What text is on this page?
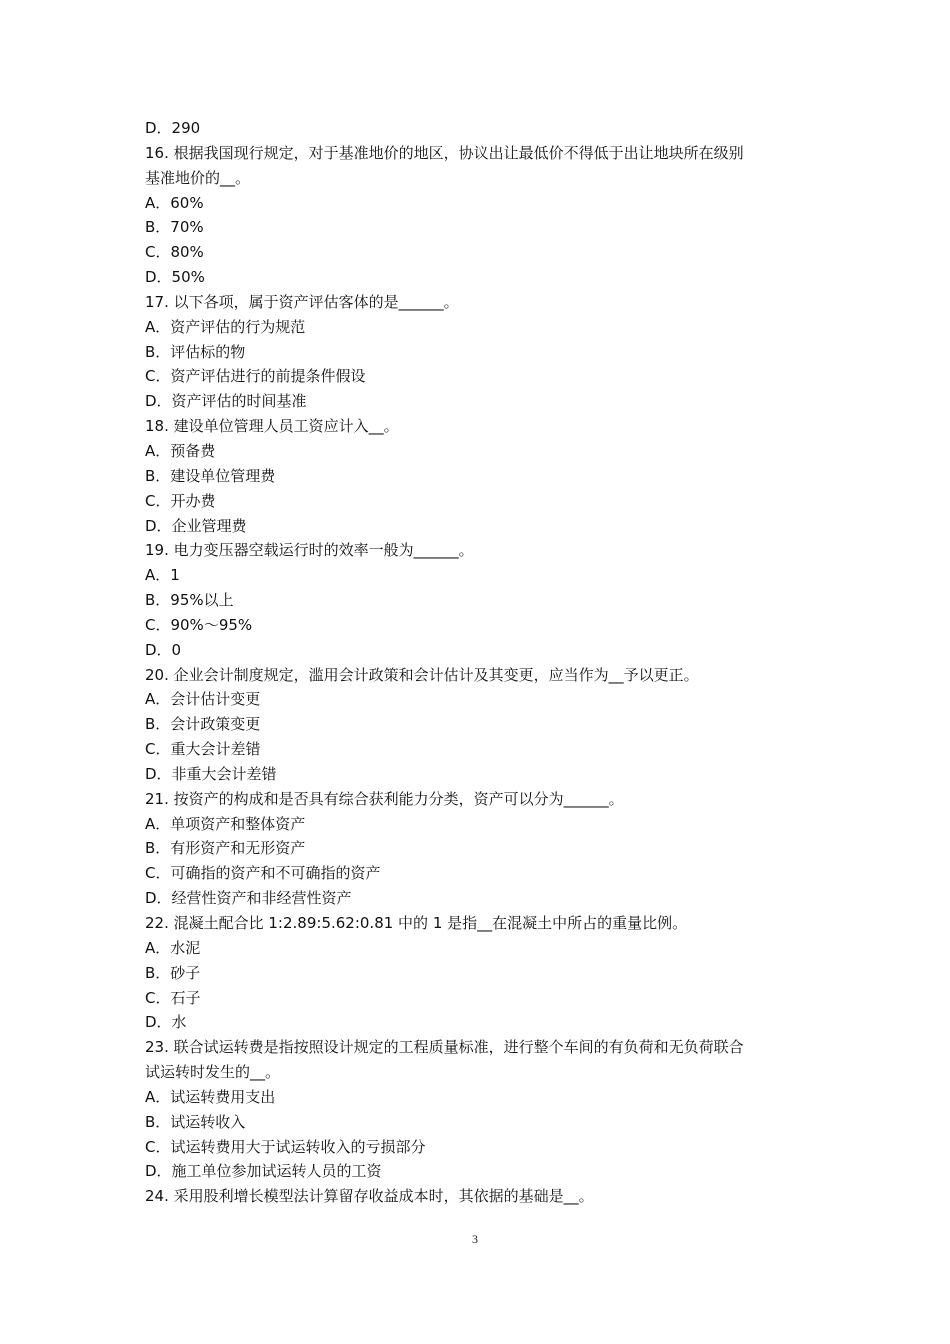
D．290
16. 根据我国现行规定，对于基准地价的地区，协议出让最低价不得低于出让地块所在级别
基准地价的__。
A．60%
B．70%
C．80%
D．50%
17. 以下各项，属于资产评估客体的是______。
A．资产评估的行为规范
B．评估标的物
C．资产评估进行的前提条件假设
D．资产评估的时间基准
18. 建设单位管理人员工资应计入__。
A．预备费
B．建设单位管理费
C．开办费
D．企业管理费
19. 电力变压器空载运行时的效率一般为______。
A．1
B．95%以上
C．90%～95%
D．0
20. 企业会计制度规定，滥用会计政策和会计估计及其变更，应当作为__予以更正。
A．会计估计变更
B．会计政策变更
C．重大会计差错
D．非重大会计差错
21. 按资产的构成和是否具有综合获利能力分类，资产可以分为______。
A．单项资产和整体资产
B．有形资产和无形资产
C．可确指的资产和不可确指的资产
D．经营性资产和非经营性资产
22. 混凝土配合比 1:2.89:5.62:0.81 中的 1 是指__在混凝土中所占的重量比例。
A．水泥
B．砂子
C．石子
D．水
23. 联合试运转费是指按照设计规定的工程质量标准，进行整个车间的有负荷和无负荷联合
试运转时发生的__。
A．试运转费用支出
B．试运转收入
C．试运转费用大于试运转收入的亏损部分
D．施工单位参加试运转人员的工资
24. 采用股利增长模型法计算留存收益成本时，其依据的基础是__。
3
